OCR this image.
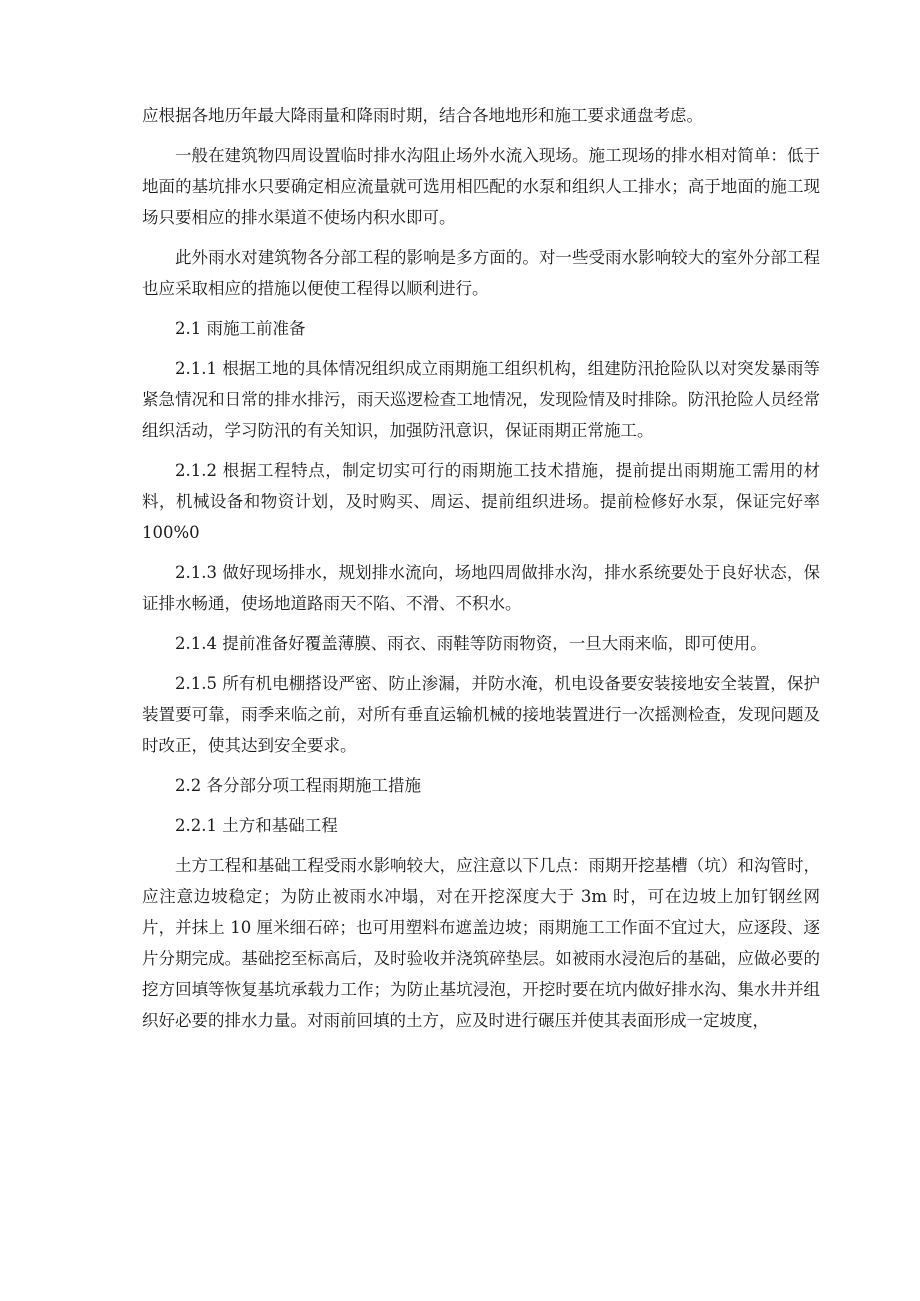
应根据各地历年最大降雨量和降雨时期，结合各地地形和施工要求通盘考虑。

一般在建筑物四周设置临时排水沟阻止场外水流入现场。施工现场的排水相对简单：低于地面的基坑排水只要确定相应流量就可选用相匹配的水泵和组织人工排水；高于地面的施工现场只要相应的排水渠道不使场内积水即可。

此外雨水对建筑物各分部工程的影响是多方面的。对一些受雨水影响较大的室外分部工程也应采取相应的措施以便使工程得以顺利进行。

2.1 雨施工前准备

2.1.1 根据工地的具体情况组织成立雨期施工组织机构，组建防汛抢险队以对突发暴雨等紧急情况和日常的排水排污，雨天巡逻检查工地情况，发现险情及时排除。防汛抢险人员经常组织活动，学习防汛的有关知识，加强防汛意识，保证雨期正常施工。

2.1.2 根据工程特点，制定切实可行的雨期施工技术措施，提前提出雨期施工需用的材料，机械设备和物资计划，及时购买、周运、提前组织进场。提前检修好水泵，保证完好率 100%0

2.1.3 做好现场排水，规划排水流向，场地四周做排水沟，排水系统要处于良好状态，保证排水畅通，使场地道路雨天不陷、不滑、不积水。

2.1.4 提前准备好覆盖薄膜、雨衣、雨鞋等防雨物资，一旦大雨来临，即可使用。

2.1.5 所有机电棚搭设严密、防止渗漏，并防水淹，机电设备要安装接地安全装置，保护装置要可靠，雨季来临之前，对所有垂直运输机械的接地装置进行一次摇测检查，发现问题及时改正，使其达到安全要求。

2.2 各分部分项工程雨期施工措施

2.2.1 土方和基础工程

土方工程和基础工程受雨水影响较大，应注意以下几点：雨期开挖基槽（坑）和沟管时，应注意边坡稳定；为防止被雨水冲塌，对在开挖深度大于 3m 时，可在边坡上加钉钢丝网片，并抹上 10 厘米细石碎；也可用塑料布遮盖边坡；雨期施工工作面不宜过大，应逐段、逐片分期完成。基础挖至标高后，及时验收并浇筑碎垫层。如被雨水浸泡后的基础，应做必要的挖方回填等恢复基坑承载力工作；为防止基坑浸泡，开挖时要在坑内做好排水沟、集水井并组织好必要的排水力量。对雨前回填的土方，应及时进行碾压并使其表面形成一定坡度，
